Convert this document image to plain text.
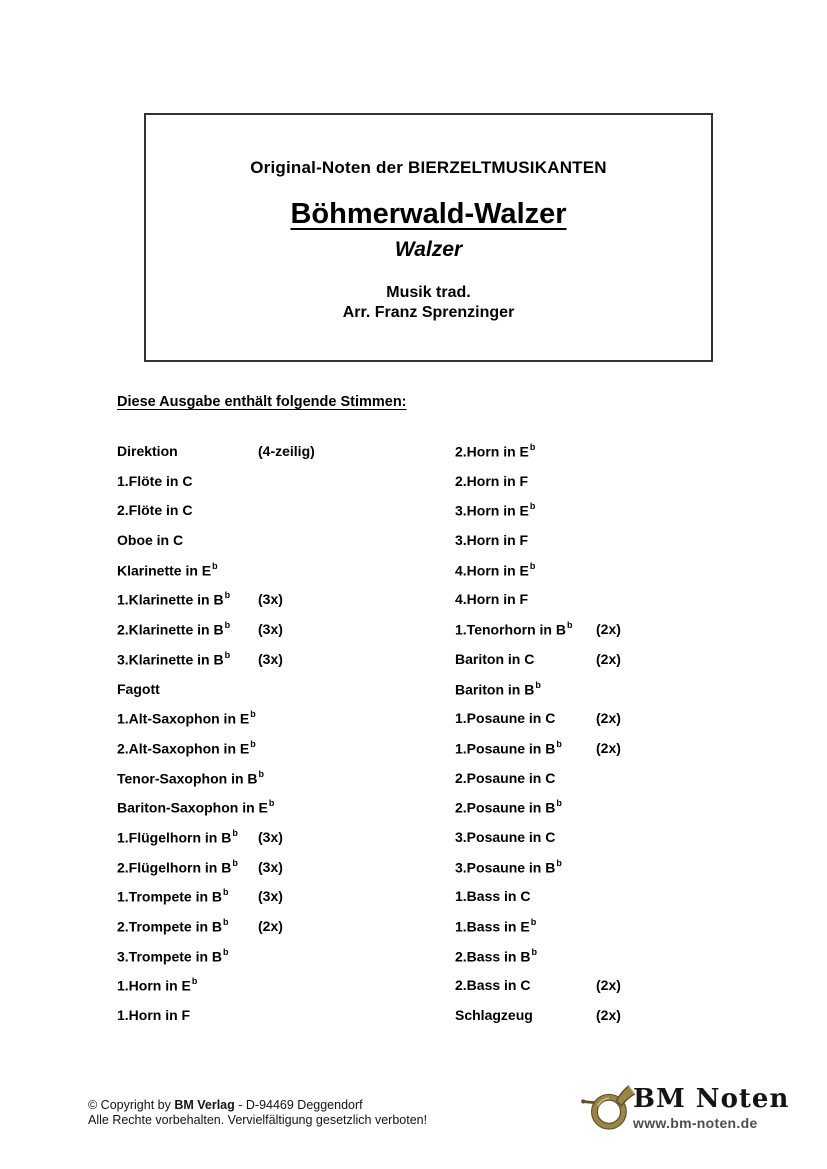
Original-Noten der BIERZELTMUSIKANTEN
Böhmerwald-Walzer
Walzer
Musik trad.
Arr. Franz Sprenzinger
Diese Ausgabe enthält folgende Stimmen:
Direktion	(4-zeilig)
1.Flöte in C
2.Flöte in C
Oboe in C
Klarinette in $E^b$
1.Klarinette in $B^b$ (3x)
2.Klarinette in $B^b$ (3x)
3.Klarinette in $B^b$ (3x)
Fagott
1.Alt-Saxophon in $E^b$
2.Alt-Saxophon in $E^b$
Tenor-Saxophon in $B^b$
Bariton-Saxophon in $E^b$
1.Flügelhorn in $B^b$ (3x)
2.Flügelhorn in $B^b$ (3x)
1.Trompete in $B^b$ (3x)
2.Trompete in $B^b$ (2x)
3.Trompete in $B^b$
1.Horn in $E^b$
1.Horn in F
2.Horn in $E^b$
2.Horn in F
3.Horn in $E^b$
3.Horn in F
4.Horn in $E^b$
4.Horn in F
1.Tenorhorn in $B^b$ (2x)
Bariton in C	(2x)
Bariton in $B^b$
1.Posaune in C	(2x)
1.Posaune in $B^b$ (2x)
2.Posaune in C
2.Posaune in $B^b$
3.Posaune in C
3.Posaune in $B^b$
1.Bass in C
1.Bass in $E^b$
2.Bass in $B^b$
2.Bass in C	(2x)
Schlagzeug	(2x)
© Copyright by BM Verlag - D-94469 Deggendorf
Alle Rechte vorbehalten. Vervielfältigung gesetzlich verboten!
BM Noten
www.bm-noten.de
